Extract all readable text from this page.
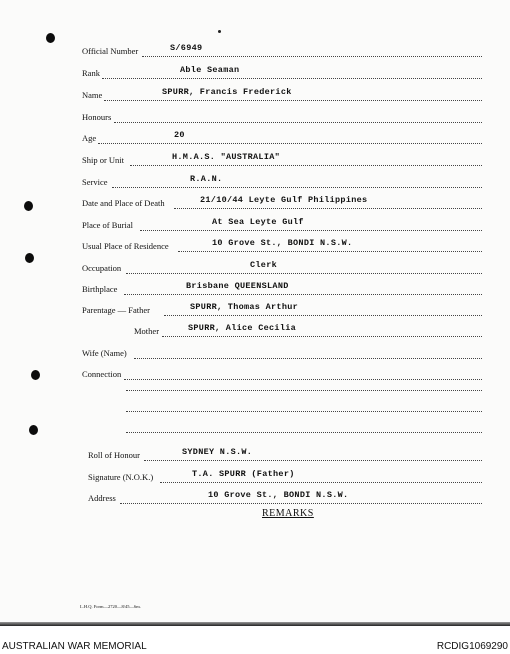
Official Number	S/6949
Rank	Able Seaman
Name	SPURR, Francis Frederick
Honours
Age	20
Ship or Unit	H.M.A.S. "AUSTRALIA"
Service	R.A.N.
Date and Place of Death	21/10/44 Leyte Gulf Philippines
Place of Burial	At Sea Leyte Gulf
Usual Place of Residence	10 Grove St., BONDI N.S.W.
Occupation	Clerk
Birthplace	Brisbane QUEENSLAND
Parentage — Father	SPURR, Thomas Arthur
Mother	SPURR, Alice Cecilia
Wife (Name)
Connection
Roll of Honour	SYDNEY N.S.W.
Signature (N.O.K.)	T.A. SPURR (Father)
Address	10 Grove St., BONDI N.S.W.
REMARKS
L.H.Q. Form—2720—8/45—6m.
AUSTRALIAN WAR MEMORIAL	RCDIG1069290
